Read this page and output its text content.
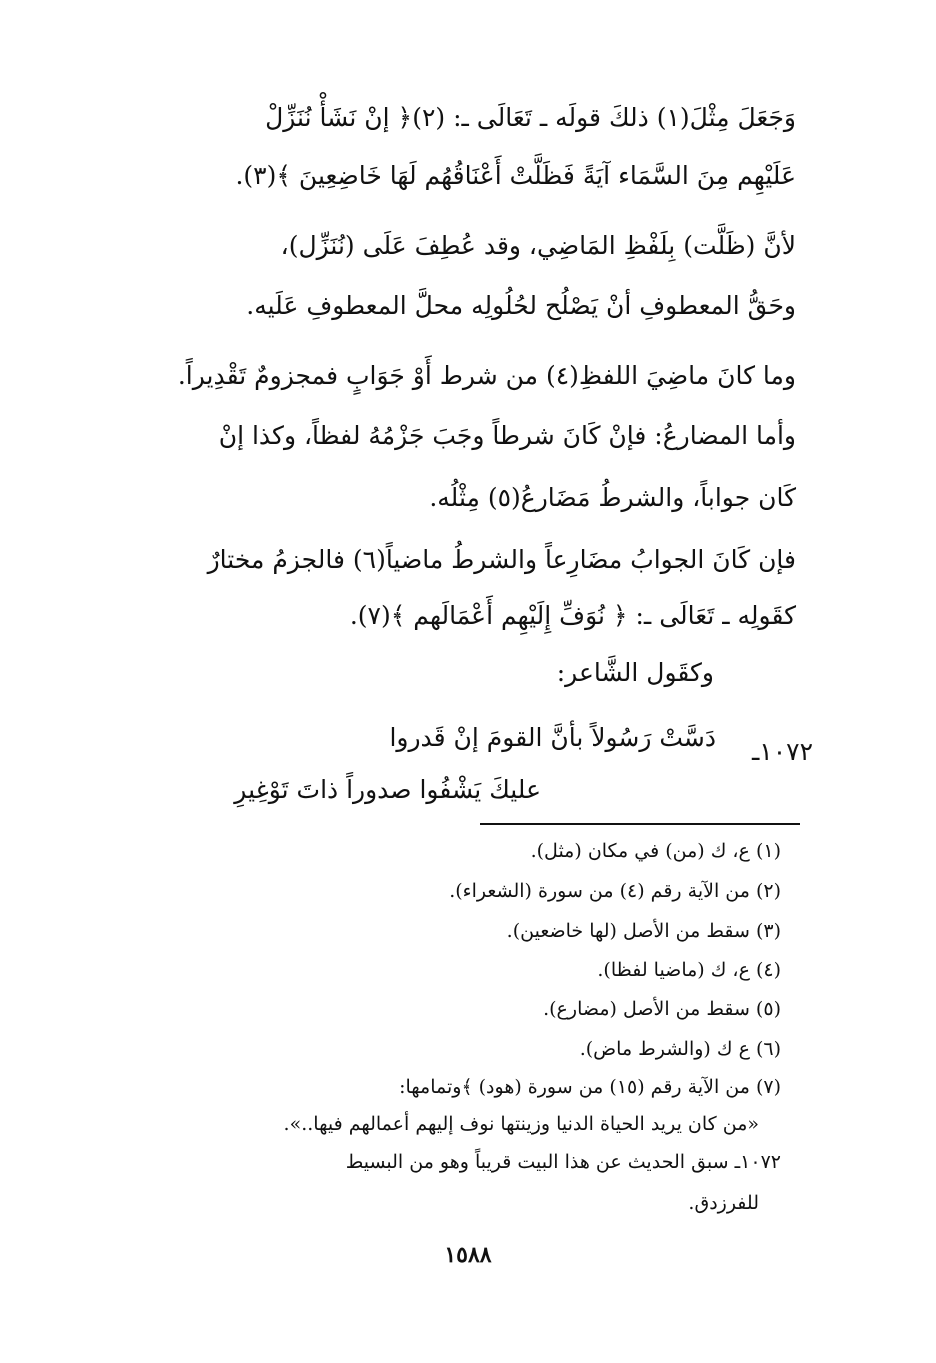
وَجَعَلَ مِثْلَ(١) ذلكَ قولَه ـ تَعَالَى ـ: (٢)﴿ إنْ نَشَأْ نُنَزِّلْ
عَلَيْهِم مِنَ السَّمَاء آيَةً فَظَلَّتْ أَعْنَاقُهُم لَهَا خَاضِعِينَ ﴾(٣).
لأنَّ (ظَلَّت) بِلَفْظِ المَاضِي، وقد عُطِفَ عَلَى (نُنَزِّل)،
وحَقُّ المعطوفِ أنْ يَصْلُح لحُلُولِه محلَّ المعطوفِ عَلَيه.
وما كانَ ماضِيَ اللفظِ(٤) من شرط أَوْ جَوَابٍ فمجزومٌ تَقْدِيراً.
وأما المضارعُ: فإنْ كَانَ شرطاً وجَبَ جَزْمُهُ لفظاً، وكذا إنْ
كَان جواباً، والشرطُ مَضَارعُ(٥) مِثْلُه.
فإن كَانَ الجوابُ مضَارِعاً والشرطُ ماضياً(٦) فالجزمُ مختارٌ
كقَولِه ـ تَعَالَى ـ: ﴿ نُوَفِّ إِلَيْهِم أَعْمَالَهم ﴾(٧).
وكقَول الشَّاعر:
١٠٧٢ـ
دَسَّتْ رَسُولاً بأنَّ القومَ إنْ قَدروا
عليكَ يَشْفُوا صدوراً ذاتَ تَوْغِيرِ
(١) ع، ك (من) في مكان (مثل).
(٢) من الآية رقم (٤) من سورة (الشعراء).
(٣) سقط من الأصل (لها خاضعين).
(٤) ع، ك (ماضيا لفظا).
(٥) سقط من الأصل (مضارع).
(٦) ع ك (والشرط ماض).
(٧) من الآية رقم (١٥) من سورة (هود) ﴾وتمامها:
«من كان يريد الحياة الدنيا وزينتها نوف إليهم أعمالهم فيها..».
١٠٧٢ـ سبق الحديث عن هذا البيت قريباً وهو من البسيط
للفرزدق.
١٥٨٨
